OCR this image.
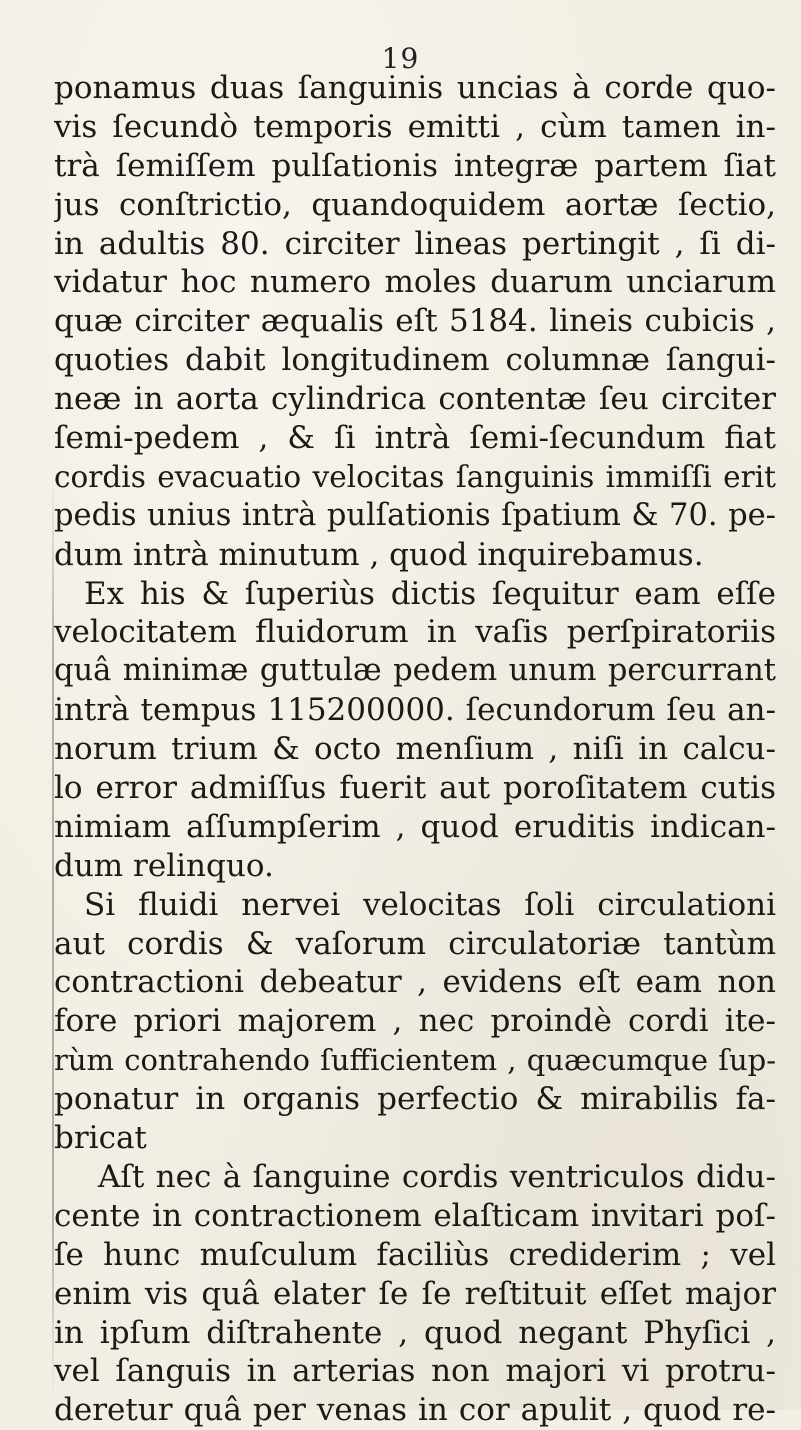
19
ponamus duas ſanguinis uncias à corde quo-
vis ſecundò temporis emitti , cùm tamen in-
trà ſemiſſem pulſationis integræ partem ſiat
jus conſtrictio, quandoquidem aortæ ſectio,
in adultis 80. circiter lineas pertingit , ſi di-
vidatur hoc numero moles duarum unciarum
quæ circiter æqualis eſt 5184. lineis cubicis ,
quoties dabit longitudinem columnæ ſangui-
neæ in aorta cylindrica contentæ ſeu circiter
ſemi-pedem , & ſi intrà ſemi-ſecundum fiat
cordis evacuatio velocitas ſanguinis immiſſi erit
pedis unius intrà pulſationis ſpatium & 70. pe-
dum intrà minutum , quod inquirebamus.
Ex his & ſuperiùs dictis ſequitur eam eſſe
velocitatem fluidorum in vaſis perſpiratoriis
quâ minimæ guttulæ pedem unum percurrant
intrà tempus 115200000. ſecundorum ſeu an-
norum trium & octo menſium , niſi in calcu-
lo error admiſſus fuerit aut poroſitatem cutis
nimiam aſſumpſerim , quod eruditis indican-
dum relinquo.
Si fluidi nervei velocitas ſoli circulationi
aut cordis & vaſorum circulatoriæ tantùm
contractioni debeatur , evidens eſt eam non
fore priori majorem , nec proindè cordi ite-
rùm contrahendo ſufficientem , quæcumque ſup-
ponatur in organis perfectio & mirabilis fa-
bricat
Aſt nec à ſanguine cordis ventriculos didu-
cente in contractionem elaſticam invitari poſ-
ſe hunc muſculum faciliùs crediderim ; vel
enim vis quâ elater ſe ſe reſtituit eſſet major
in ipſum diſtrahente , quod negant Phyſici ,
vel ſanguis in arterias non majori vi protru-
deretur quâ per venas in cor apulit , quod re-
